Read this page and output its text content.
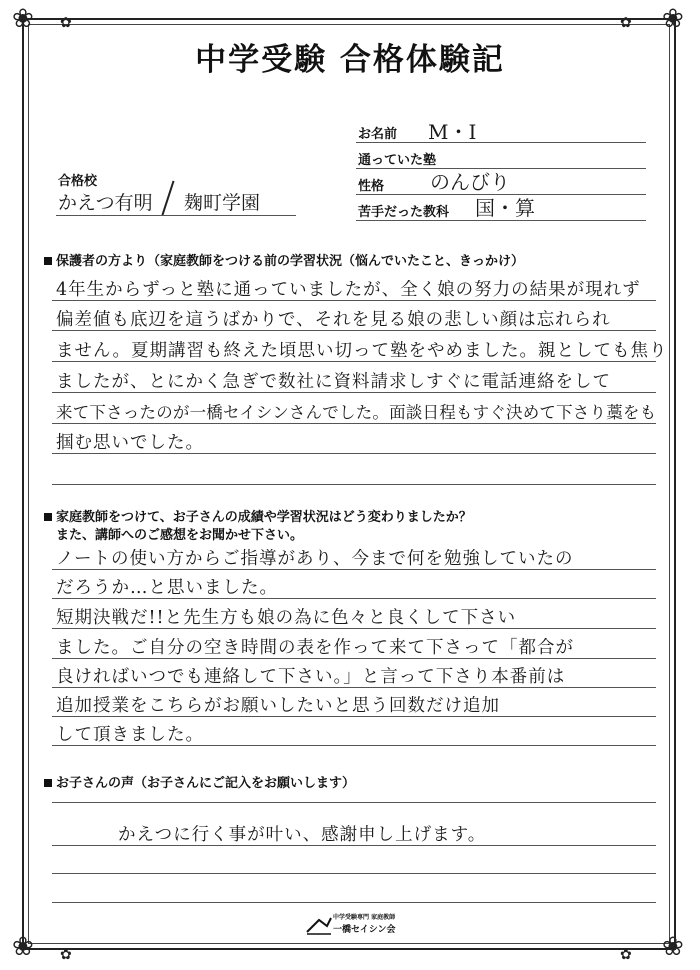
❀	❀
❀	❀
✿	✿
✿	✿
中学受験 合格体験記
お名前 M・I
通っていた塾
性格 のんびり
苦手だった教科 国・算
合格校
かえつ有明 麹町学園
保護者の方より（家庭教師をつける前の学習状況（悩んでいたこと、きっかけ）
4年生からずっと塾に通っていましたが、全く娘の努力の結果が現れず
偏差値も底辺を這うばかりで、それを見る娘の悲しい顔は忘れられ
ません。夏期講習も終えた頃思い切って塾をやめました。親としても焦り
ましたが、とにかく急ぎで数社に資料請求しすぐに電話連絡をして
来て下さったのが一橋セイシンさんでした。面談日程もすぐ決めて下さり藁をも
掴む思いでした。
家庭教師をつけて、お子さんの成績や学習状況はどう変わりましたか？
また、講師へのご感想をお聞かせ下さい。
ノートの使い方からご指導があり、今まで何を勉強していたの
だろうか…と思いました。
短期決戦だ!!と先生方も娘の為に色々と良くして下さい
ました。ご自分の空き時間の表を作って来て下さって「都合が
良ければいつでも連絡して下さい。」と言って下さり本番前は
追加授業をこちらがお願いしたいと思う回数だけ追加
して頂きました。
お子さんの声（お子さんにご記入をお願いします）
かえつに行く事が叶い、感謝申し上げます。
中学受験専門 家庭教師
一橋セイシン会
